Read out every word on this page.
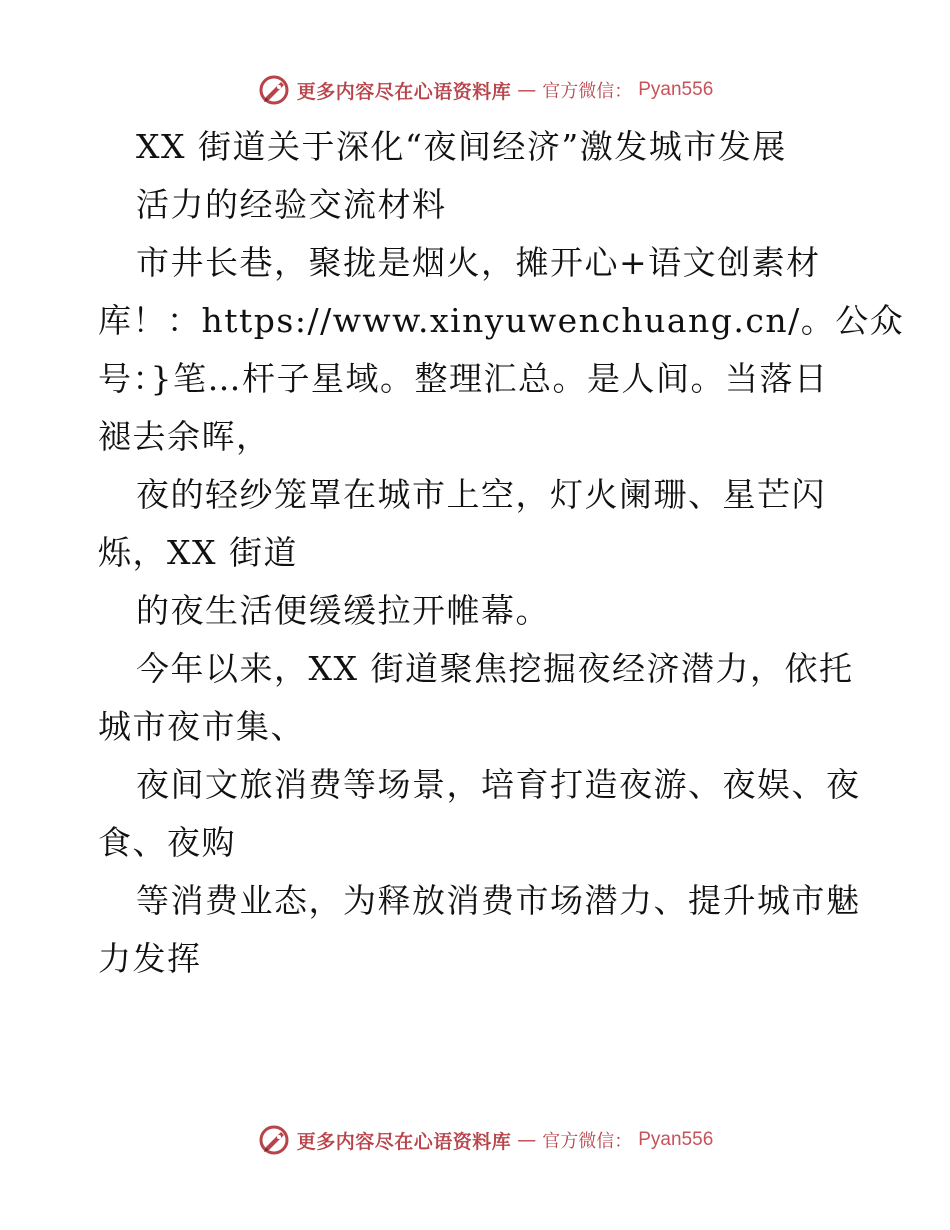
更多内容尽在心语资料库 — 官方微信： Pyan556
XX 街道关于深化“夜间经济”激发城市发展
活力的经验交流材料
市井长巷，聚拢是烟火，摊开心+语文创素材
库！：https://www.xinyuwenchuang.cn/。公众
号：}笔…杆子星域。整理汇总。是人间。当落日
褪去余晖，
夜的轻纱笼罩在城市上空，灯火阑珊、星芒闪
烁，XX 街道
的夜生活便缓缓拉开帷幕。
今年以来，XX 街道聚焦挖掘夜经济潜力，依托
城市夜市集、
夜间文旅消费等场景，培育打造夜游、夜娱、夜
食、夜购
等消费业态，为释放消费市场潜力、提升城市魅
力发挥
更多内容尽在心语资料库 — 官方微信： Pyan556
